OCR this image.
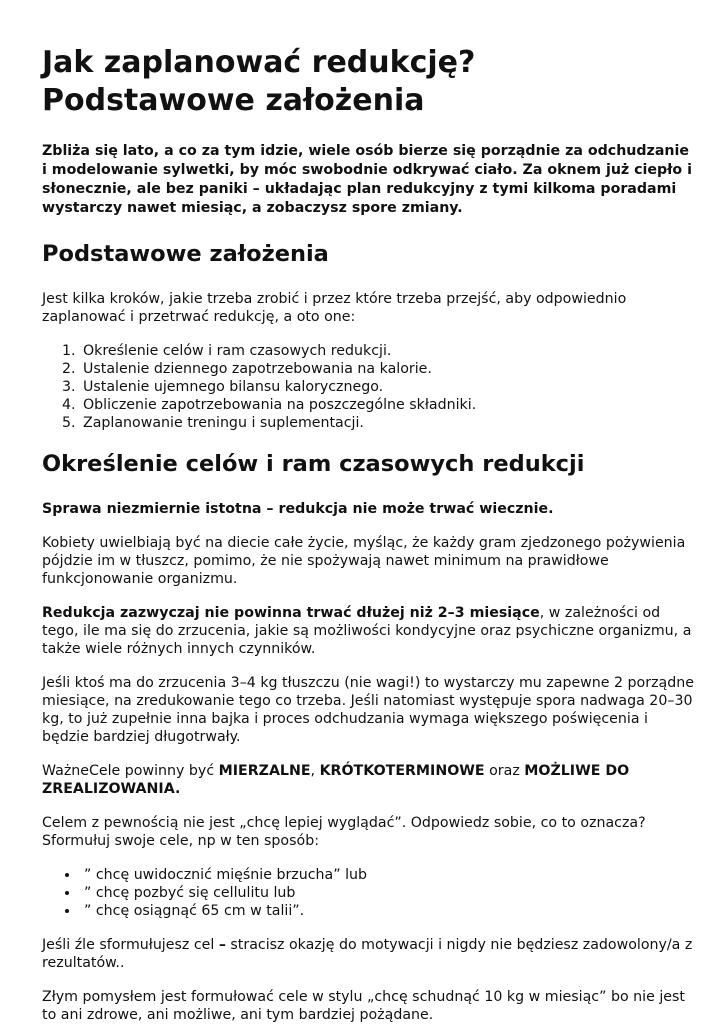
Jak zaplanować redukcję?
Podstawowe założenia

Zbliża się lato, a co za tym idzie, wiele osób bierze się porządnie za odchudzanie i modelowanie sylwetki, by móc swobodnie odkrywać ciało. Za oknem już ciepło i słonecznie, ale bez paniki – układając plan redukcyjny z tymi kilkoma poradami wystarczy nawet miesiąc, a zobaczysz spore zmiany.

Podstawowe założenia

Jest kilka kroków, jakie trzeba zrobić i przez które trzeba przejść, aby odpowiednio zaplanować i przetrwać redukcję, a oto one:

1. Określenie celów i ram czasowych redukcji.
2. Ustalenie dziennego zapotrzebowania na kalorie.
3. Ustalenie ujemnego bilansu kalorycznego.
4. Obliczenie zapotrzebowania na poszczególne składniki.
5. Zaplanowanie treningu i suplementacji.
Określenie celów i ram czasowych redukcji

Sprawa niezmiernie istotna – redukcja nie może trwać wiecznie.

Kobiety uwielbiają być na diecie całe życie, myśląc, że każdy gram zjedzonego pożywienia pójdzie im w tłuszcz, pomimo, że nie spożywają nawet minimum na prawidłowe funkcjonowanie organizmu.

Redukcja zazwyczaj nie powinna trwać dłużej niż 2–3 miesiące, w zależności od tego, ile ma się do zrzucenia, jakie są możliwości kondycyjne oraz psychiczne organizmu, a także wiele różnych innych czynników.

Jeśli ktoś ma do zrzucenia 3–4 kg tłuszczu (nie wagi!) to wystarczy mu zapewne 2 porządne miesiące, na zredukowanie tego co trzeba. Jeśli natomiast występuje spora nadwaga 20–30 kg, to już zupełnie inna bajka i proces odchudzania wymaga większego poświęcenia i będzie bardziej długotrwały.

WażneCele powinny być MIERZALNE, KRÓTKOTERMINOWE oraz MOŻLIWE DO ZREALIZOWANIA.

Celem z pewnością nie jest „chcę lepiej wyglądać”. Odpowiedz sobie, co to oznacza? Sformułuj swoje cele, np w ten sposób:

• ” chcę uwidocznić mięśnie brzucha” lub
• ” chcę pozbyć się cellulitu lub
• ” chcę osiągnąć 65 cm w talii”.

Jeśli źle sformułujesz cel – stracisz okazję do motywacji i nigdy nie będziesz zadowolony/a z rezultatów..

Złym pomysłem jest formułować cele w stylu „chcę schudnąć 10 kg w miesiąc” bo nie jest to ani zdrowe, ani możliwe, ani tym bardziej pożądane.
